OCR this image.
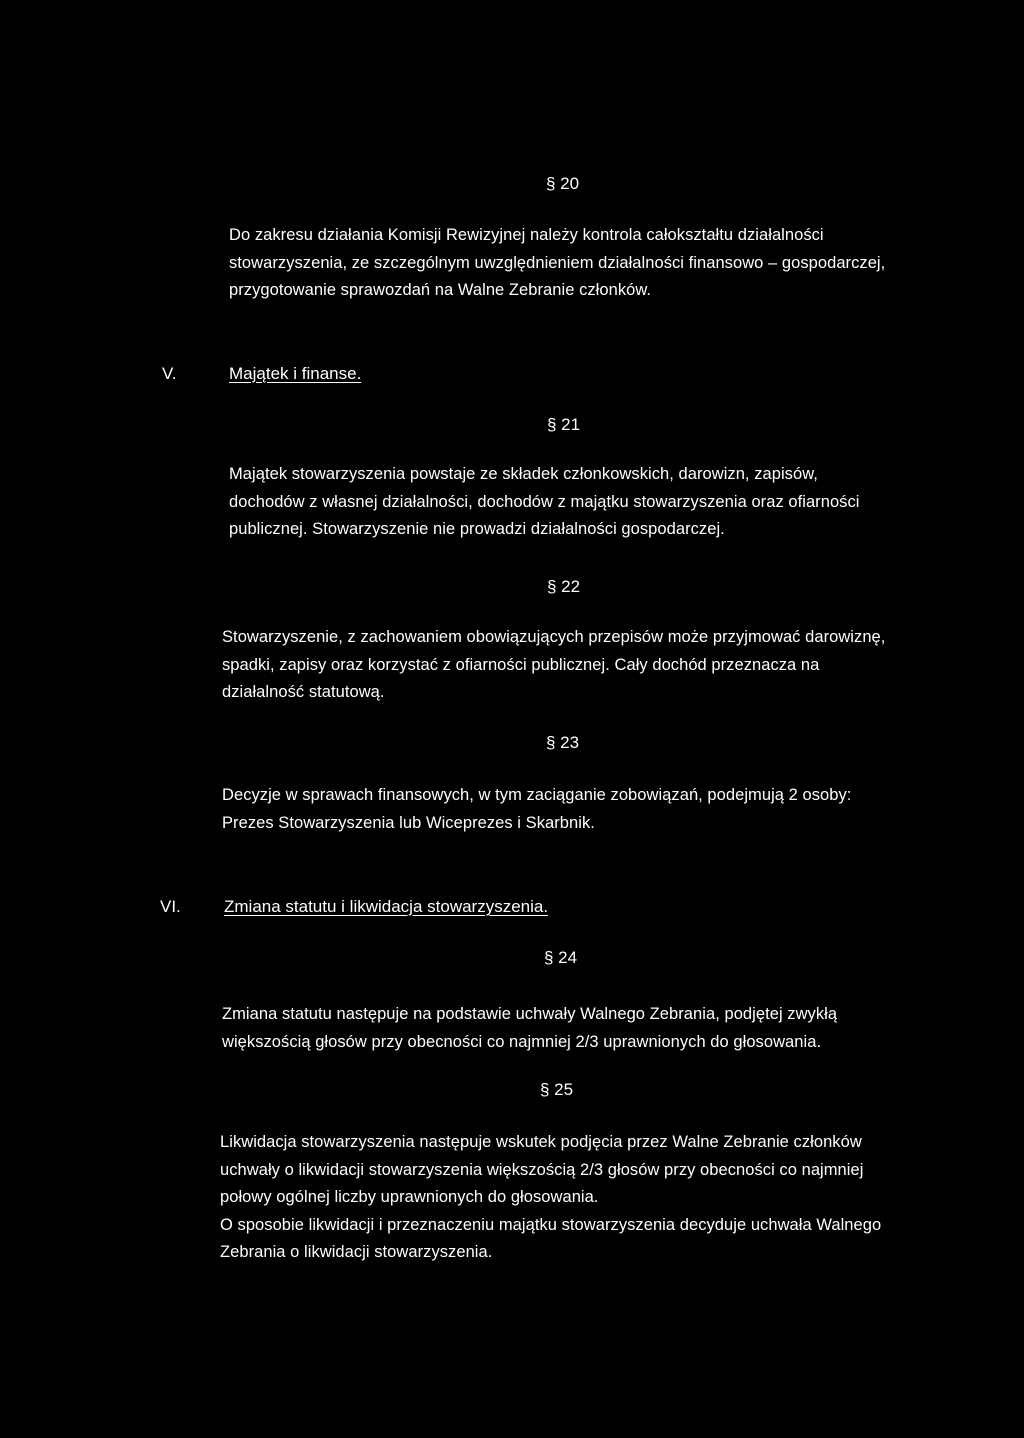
§ 20
Do zakresu działania Komisji Rewizyjnej należy kontrola całokształtu działalności
stowarzyszenia, ze szczególnym uwzględnieniem działalności finansowo – gospodarczej,
przygotowanie sprawozdań na Walne Zebranie członków.
V.	Majątek i finanse.
§ 21
Majątek stowarzyszenia powstaje ze składek członkowskich, darowizn, zapisów,
dochodów z własnej działalności, dochodów z majątku stowarzyszenia oraz ofiarności
publicznej. Stowarzyszenie nie prowadzi działalności gospodarczej.
§ 22
Stowarzyszenie, z zachowaniem obowiązujących przepisów może przyjmować darowiznę,
spadki, zapisy oraz korzystać z ofiarności publicznej. Cały dochód przeznacza na
działalność statutową.
§ 23
Decyzje w sprawach finansowych, w tym zaciąganie zobowiązań, podejmują 2 osoby:
Prezes Stowarzyszenia lub Wiceprezes i Skarbnik.
VI.	Zmiana statutu i likwidacja stowarzyszenia.
§ 24
Zmiana statutu następuje na podstawie uchwały Walnego Zebrania, podjętej zwykłą
większością głosów przy obecności co najmniej 2/3 uprawnionych do głosowania.
§ 25
Likwidacja stowarzyszenia następuje wskutek podjęcia przez Walne Zebranie członków
uchwały o likwidacji stowarzyszenia większością 2/3 głosów przy obecności co najmniej
połowy ogólnej liczby uprawnionych do głosowania.
O sposobie likwidacji i przeznaczeniu majątku stowarzyszenia decyduje uchwała Walnego
Zebrania o likwidacji stowarzyszenia.
